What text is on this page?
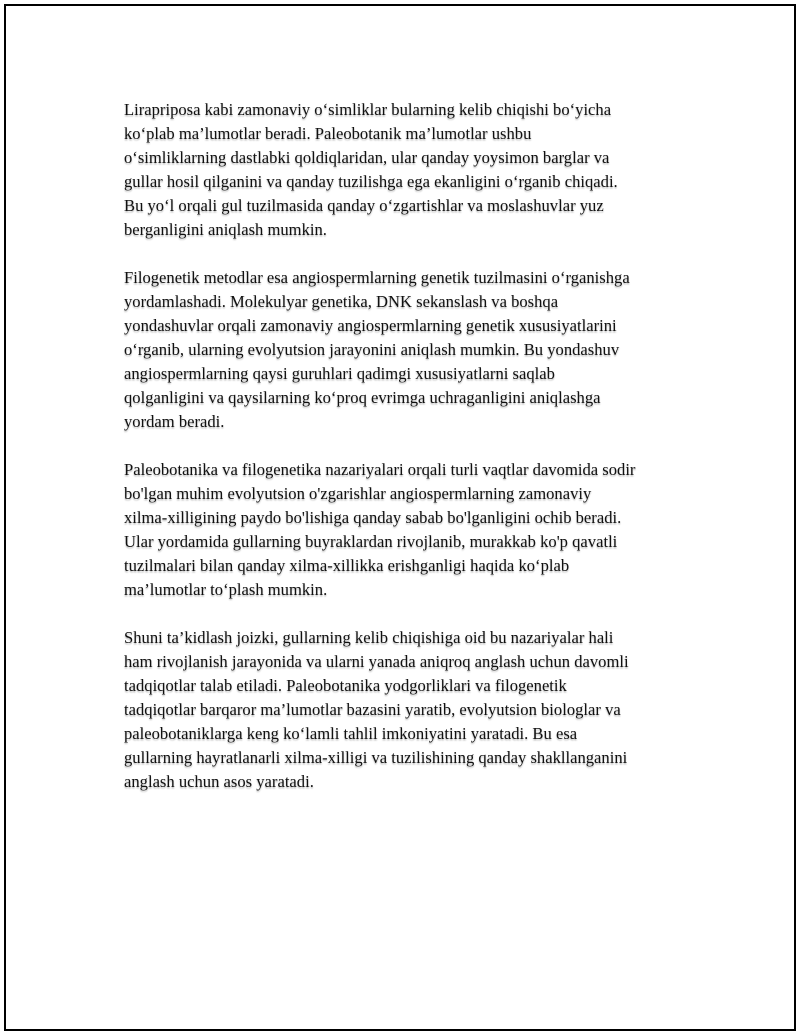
Lirapriposa kabi zamonaviy o‘simliklar bularning kelib chiqishi bo‘yicha
ko‘plab ma’lumotlar beradi. Paleobotanik ma’lumotlar ushbu
o‘simliklarning dastlabki qoldiqlaridan, ular qanday yoysimon barglar va
gullar hosil qilganini va qanday tuzilishga ega ekanligini o‘rganib chiqadi.
Bu yo‘l orqali gul tuzilmasida qanday o‘zgartishlar va moslashuvlar yuz
berganligini aniqlash mumkin.

Filogenetik metodlar esa angiospermlarning genetik tuzilmasini o‘rganishga
yordamlashadi. Molekulyar genetika, DNK sekanslash va boshqa
yondashuvlar orqali zamonaviy angiospermlarning genetik xususiyatlarini
o‘rganib, ularning evolyutsion jarayonini aniqlash mumkin. Bu yondashuv
angiospermlarning qaysi guruhlari qadimgi xususiyatlarni saqlab
qolganligini va qaysilarning ko‘proq evrimga uchraganligini aniqlashga
yordam beradi.

Paleobotanika va filogenetika nazariyalari orqali turli vaqtlar davomida sodir
bo'lgan muhim evolyutsion o'zgarishlar angiospermlarning zamonaviy
xilma-xilligining paydo bo'lishiga qanday sabab bo'lganligini ochib beradi.
Ular yordamida gullarning buyraklardan rivojlanib, murakkab ko'p qavatli
tuzilmalari bilan qanday xilma-xillikka erishganligi haqida ko‘plab
ma’lumotlar to‘plash mumkin.

Shuni ta’kidlash joizki, gullarning kelib chiqishiga oid bu nazariyalar hali
ham rivojlanish jarayonida va ularni yanada aniqroq anglash uchun davomli
tadqiqotlar talab etiladi. Paleobotanika yodgorliklari va filogenetik
tadqiqotlar barqaror ma’lumotlar bazasini yaratib, evolyutsion biologlar va
paleobotaniklarga keng ko‘lamli tahlil imkoniyatini yaratadi. Bu esa
gullarning hayratlanarli xilma-xilligi va tuzilishining qanday shakllanganini
anglash uchun asos yaratadi.
